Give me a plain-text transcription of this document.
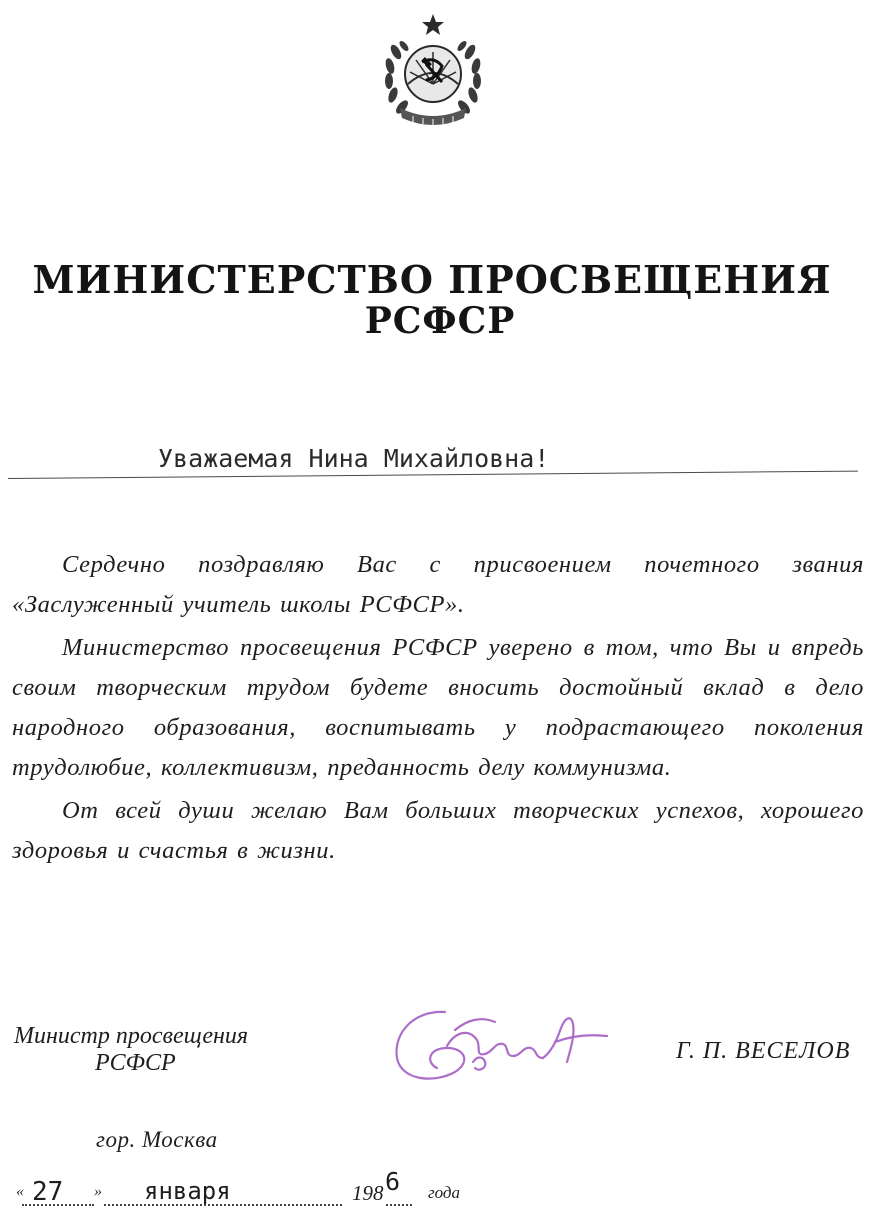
МИНИСТЕРСТВО ПРОСВЕЩЕНИЯ
РСФСР
Уважаемая Нина Михайловна!

Сердечно поздравляю Вас с присвоением почетного звания «Заслуженный учитель школы РСФСР».

Министерство просвещения РСФСР уверено в том, что Вы и впредь своим творческим трудом будете вносить достойный вклад в дело народного образования, воспитывать у подрастающего поколения трудолюбие, коллективизм, преданность делу коммунизма.

От всей души желаю Вам больших творческих успехов, хорошего здоровья и счастья в жизни.

Министр просвещения
РСФСР	Г. П. ВЕСЕЛОВ
гор. Москва
« 27 » января	198 6 года
